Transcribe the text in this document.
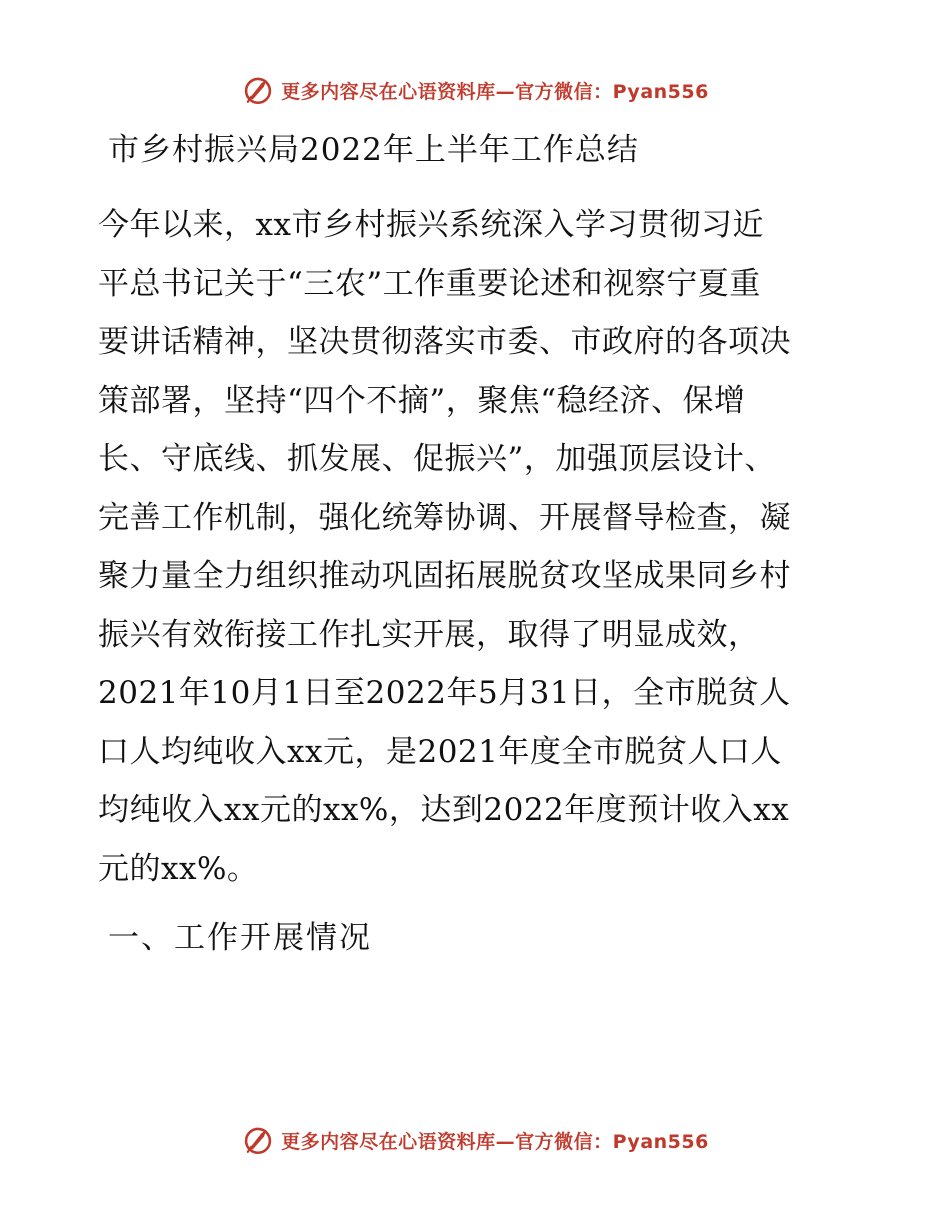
更多内容尽在心语资料库—官方微信：Pyan556
市乡村振兴局2022年上半年工作总结
今年以来，xx市乡村振兴系统深入学习贯彻习近
平总书记关于“三农”工作重要论述和视察宁夏重
要讲话精神，坚决贯彻落实市委、市政府的各项决
策部署，坚持“四个不摘”，聚焦“稳经济、保增
长、守底线、抓发展、促振兴”，加强顶层设计、
完善工作机制，强化统筹协调、开展督导检查，凝
聚力量全力组织推动巩固拓展脱贫攻坚成果同乡村
振兴有效衔接工作扎实开展，取得了明显成效，
2021年10月1日至2022年5月31日，全市脱贫人
口人均纯收入xx元，是2021年度全市脱贫人口人
均纯收入xx元的xx%，达到2022年度预计收入xx
元的xx%。
一、工作开展情况
更多内容尽在心语资料库—官方微信：Pyan556
